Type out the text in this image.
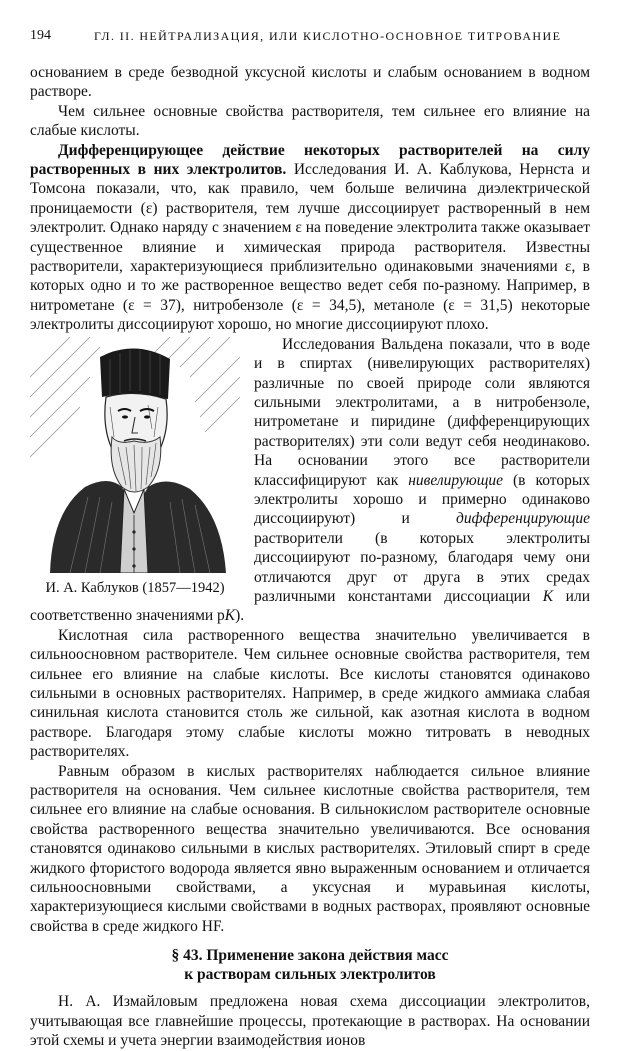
194	ГЛ. II. НЕЙТРАЛИЗАЦИЯ, ИЛИ КИСЛОТНО-ОСНОВНОЕ ТИТРОВАНИЕ

основанием в среде безводной уксусной кислоты и слабым основанием в водном растворе.

Чем сильнее основные свойства растворителя, тем сильнее его влияние на слабые кислоты.

Дифференцирующее действие некоторых растворителей на силу растворенных в них электролитов. Исследования И. А. Каблукова, Нернста и Томсона показали, что, как правило, чем больше величина диэлектрической проницаемости (ε) растворителя, тем лучше диссоциирует растворенный в нем электролит. Однако наряду с значением ε на поведение электролита также оказывает существенное влияние и химическая природа растворителя. Известны растворители, характеризующиеся приблизительно одинаковыми значениями ε, в которых одно и то же растворенное вещество ведет себя по-разному. Например, в нитрометане (ε = 37), нитробензоле (ε = 34,5), метаноле (ε = 31,5) некоторые электролиты диссоциируют хорошо, но многие диссоциируют плохо.

И. А. Каблуков (1857—1942)

Исследования Вальдена показали, что в воде и в спиртах (нивелирующих растворителях) различные по своей природе соли являются сильными электролитами, а в нитробензоле, нитрометане и пиридине (дифференцирующих растворителях) эти соли ведут себя неодинаково. На основании этого все растворители классифицируют как нивелирующие (в которых электролиты хорошо и примерно одинаково диссоциируют) и дифференцирующие растворители (в которых электролиты диссоциируют по-разному, благодаря чему они отличаются друг от друга в этих средах различными константами диссоциации K или соответственно значениями pK).

Кислотная сила растворенного вещества значительно увеличивается в сильноосновном растворителе. Чем сильнее основные свойства растворителя, тем сильнее его влияние на слабые кислоты. Все кислоты становятся одинаково сильными в основных растворителях. Например, в среде жидкого аммиака слабая синильная кислота становится столь же сильной, как азотная кислота в водном растворе. Благодаря этому слабые кислоты можно титровать в неводных растворителях.

Равным образом в кислых растворителях наблюдается сильное влияние растворителя на основания. Чем сильнее кислотные свойства растворителя, тем сильнее его влияние на слабые основания. В сильнокислом растворителе основные свойства растворенного вещества значительно увеличиваются. Все основания становятся одинаково сильными в кислых растворителях. Этиловый спирт в среде жидкого фтористого водорода является явно выраженным основанием и отличается сильноосновными свойствами, а уксусная и муравьиная кислоты, характеризующиеся кислыми свойствами в водных растворах, проявляют основные свойства в среде жидкого HF.

§ 43. Применение закона действия масс
к растворам сильных электролитов

Н. А. Измайловым предложена новая схема диссоциации электролитов, учитывающая все главнейшие процессы, протекающие в растворах. На основании этой схемы и учета энергии взаимодействия ионов
